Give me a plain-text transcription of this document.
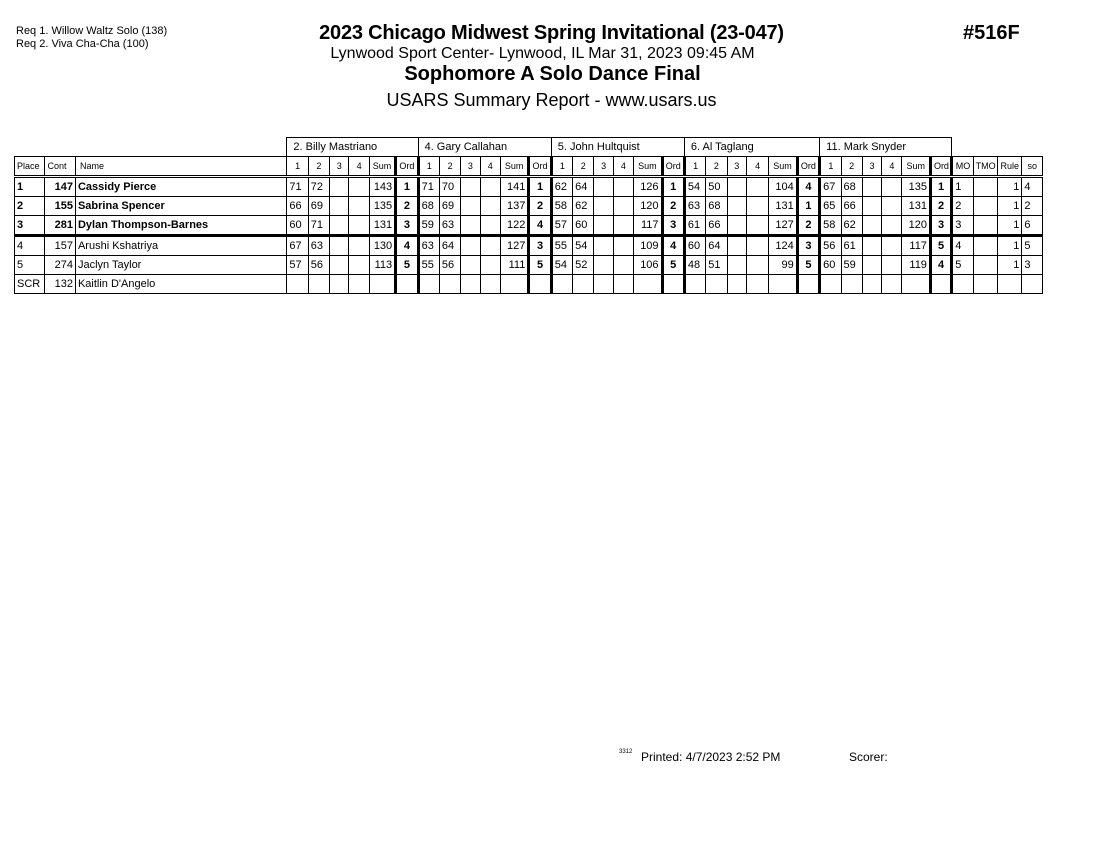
Req 1. Willow Waltz Solo (138)
Req 2. Viva Cha-Cha (100)	2023 Chicago Midwest Spring Invitational (23-047)
Lynwood Sport Center- Lynwood, IL Mar 31, 2023 09:45 AM
Sophomore A Solo Dance Final
USARS Summary Report - www.usars.us
#516F
			2. Billy Mastriano						4. Gary Callahan						5. John Hultquist						6. Al Taglang						11. Mark Snyder									
Place	Cont	Name	1	2	3	4	Sum	Ord	1	2	3	4	Sum	Ord	1	2	3	4	Sum	Ord	1	2	3	4	Sum	Ord	1	2	3	4	Sum	Ord	MO	TMO	Rule	so
1	147	Cassidy Pierce	71	72			143	1	71	70			141	1	62	64			126	1	54	50			104	4	67	68			135	1	1		1	4
2	155	Sabrina Spencer	66	69			135	2	68	69			137	2	58	62			120	2	63	68			131	1	65	66			131	2	2		1	2
3	281	Dylan Thompson-Barnes	60	71			131	3	59	63			122	4	57	60			117	3	61	66			127	2	58	62			120	3	3		1	6
4	157	Arushi Kshatriya	67	63			130	4	63	64			127	3	55	54			109	4	60	64			124	3	56	61			117	5	4		1	5
5	274	Jaclyn Taylor	57	56			113	5	55	56			111	5	54	52			106	5	48	51			99	5	60	59			119	4	5		1	3
SCR	132	Kaitlin D'Angelo																																		
3312 Printed: 4/7/2023 2:52 PM	Scorer:
